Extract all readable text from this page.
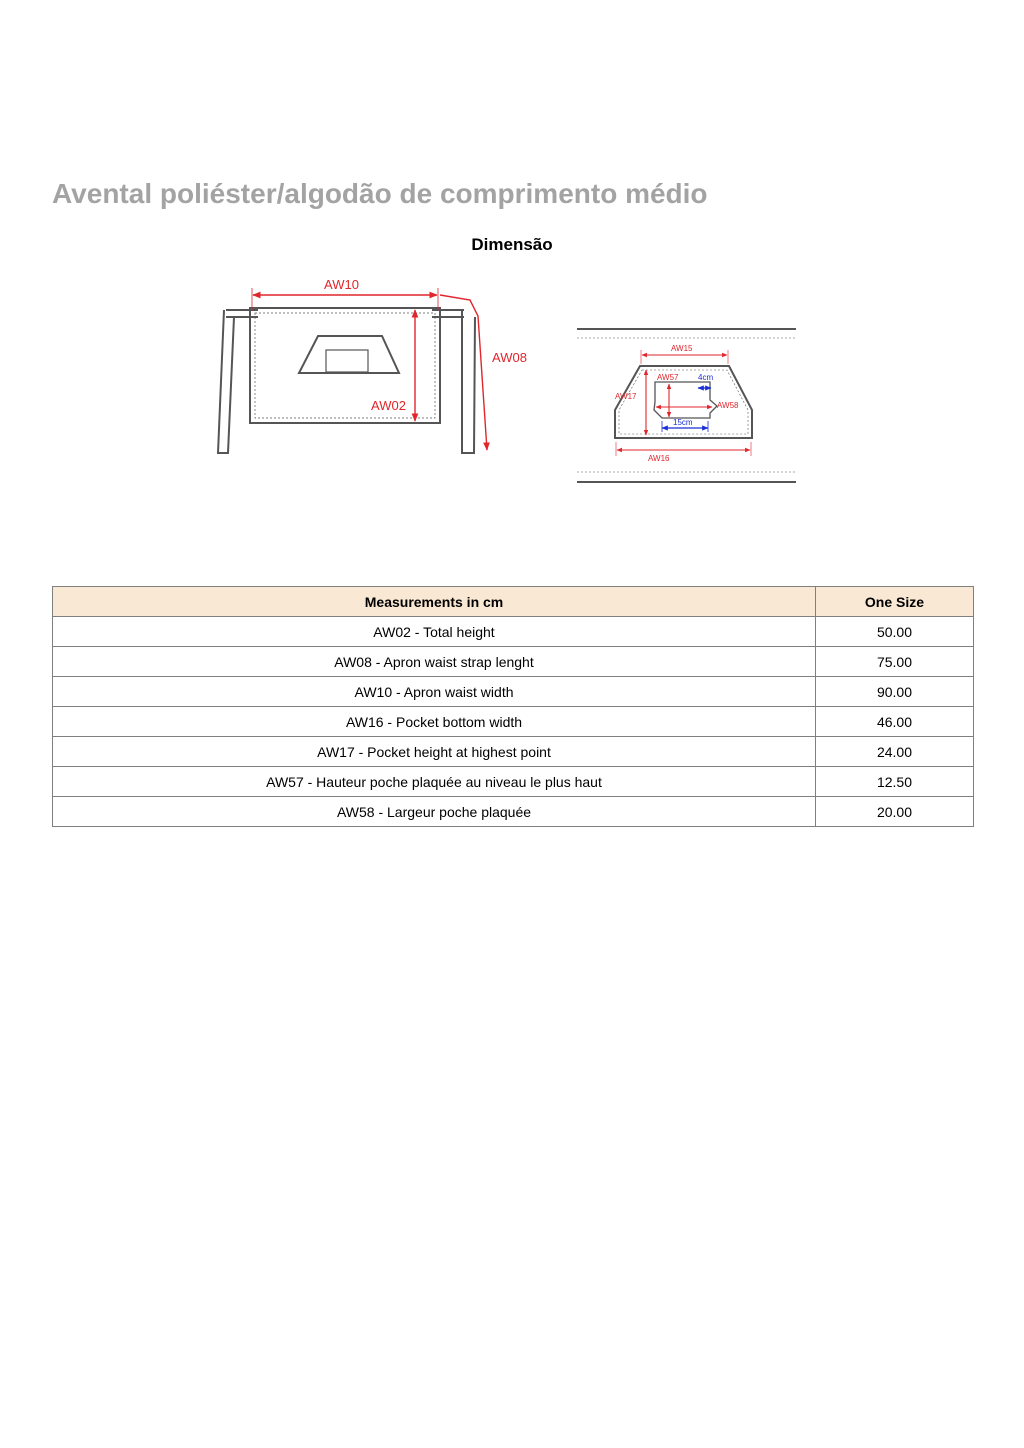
Avental poliéster/algodão de comprimento médio
Dimensão
AW10
AW08
AW02
AW15
AW57 4cm
AW17
AW58
15cm
AW16
Measurements in cm	One Size
AW02 - Total height	50.00
AW08 - Apron waist strap lenght	75.00
AW10 - Apron waist width	90.00
AW16 - Pocket bottom width	46.00
AW17 - Pocket height at highest point	24.00
AW57 - Hauteur poche plaquée au niveau le plus haut	12.50
AW58 - Largeur poche plaquée	20.00
